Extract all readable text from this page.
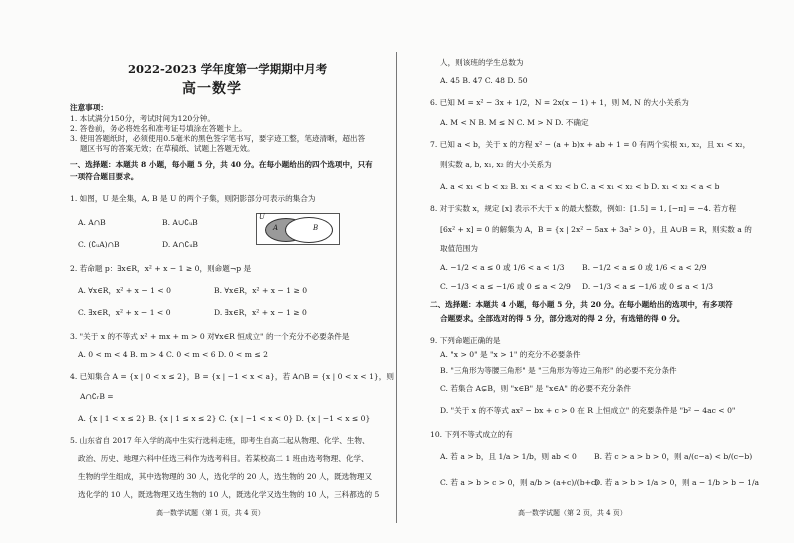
2022-2023 学年度第一学期期中月考
高一数学
注意事项：
1. 本试满分150分，考试时间为120分钟。
2. 答卷前，务必将姓名和准考证号填涂在答题卡上。
3. 使用答题纸时，必须使用0.5毫米的黑色签字笔书写，要字迹工整，笔迹清晰，超出答
题区书写的答案无效；在草稿纸、试题上答题无效。
一、选择题：本题共 8 小题，每小题 5 分，共 40 分。在每小题给出的四个选项中，只有
一项符合题目要求。
1. 如图，U 是全集，A, B 是 U 的两个子集，则阴影部分可表示的集合为
A. A∩B	B. A∪∁ᵤB
C. (∁ᵤA)∩B	D. A∩∁ᵤB
U
A	B
2. 若命题 p：∃x∈R，x² + x − 1 ≥ 0，则命题¬p 是
A. ∀x∈R，x² + x − 1 < 0	B. ∀x∈R，x² + x − 1 ≥ 0
C. ∃x∈R，x² + x − 1 < 0	D. ∃x∈R，x² + x − 1 ≥ 0
3. "关于 x 的不等式 x² + mx + m > 0 对∀x∈R 恒成立" 的一个充分不必要条件是
A. 0 < m < 4 B. m > 4 C. 0 < m < 6 D. 0 < m ≤ 2
4. 已知集合 A = {x | 0 < x ≤ 2}，B = {x | −1 < x < a}，若 A∩B = {x | 0 < x < 1}，则
A∩∁ᵣB =
A. {x | 1 < x ≤ 2} B. {x | 1 ≤ x ≤ 2} C. {x | −1 < x < 0} D. {x | −1 < x ≤ 0}
5. 山东省自 2017 年入学的高中生实行选科走班，即考生自高二起从物理、化学、生物、
政治、历史、地理六科中任选三科作为选考科目。若某校高二 1 班由选考物理、化学、
生物的学生组成，其中选物理的 30 人，选化学的 20 人，选生物的 20 人，既选物理又
选化学的 10 人，既选物理又选生物的 10 人，既选化学又选生物的 10 人，三科都选的 5
高一数学试题（第 1 页，共 4 页）
人，则该班的学生总数为
A. 45 B. 47 C. 48 D. 50
6. 已知 M = x² − 3x + 1/2，N = 2x(x − 1) + 1，则 M, N 的大小关系为
A. M < N B. M ≤ N C. M > N D. 不确定
7. 已知 a < b，关于 x 的方程 x² − (a + b)x + ab + 1 = 0 有两个实根 x₁, x₂，且 x₁ < x₂，
则实数 a, b, x₁, x₂ 的大小关系为
A. a < x₁ < b < x₂ B. x₁ < a < x₂ < b C. a < x₁ < x₂ < b D. x₁ < x₂ < a < b
8. 对于实数 x，规定 [x] 表示不大于 x 的最大整数，例如：[1.5] = 1, [−π] = −4. 若方程
[6x² + x] = 0 的解集为 A，B = {x | 2x² − 5ax + 3a² > 0}，且 A∪B = R，则实数 a 的
取值范围为
A. −1/2 < a ≤ 0 或 1/6 < a < 1/3 B. −1/2 < a ≤ 0 或 1/6 < a < 2/9
C. −1/3 < a ≤ −1/6 或 0 ≤ a < 2/9 D. −1/3 < a ≤ −1/6 或 0 ≤ a < 1/3
二、选择题：本题共 4 小题，每小题 5 分，共 20 分。在每小题给出的选项中，有多项符
合题要求。全部选对的得 5 分，部分选对的得 2 分，有选错的得 0 分。
9. 下列命题正确的是
A. "x > 0" 是 "x > 1" 的充分不必要条件
B. "三角形为等腰三角形" 是 "三角形为等边三角形" 的必要不充分条件
C. 若集合 A⊊B，则 "x∈B" 是 "x∈A" 的必要不充分条件
D. "关于 x 的不等式 ax² − bx + c > 0 在 R 上恒成立" 的充要条件是 "b² − 4ac < 0"
10. 下列不等式成立的有
A. 若 a > b，且 1/a > 1/b，则 ab < 0 B. 若 c > a > b > 0，则 a/(c−a) < b/(c−b)
C. 若 a > b > c > 0，则 a/b > (a+c)/(b+c)
D. 若 a > b > 1/a > 0，则 a − 1/b > b − 1/a
高一数学试题（第 2 页，共 4 页）
